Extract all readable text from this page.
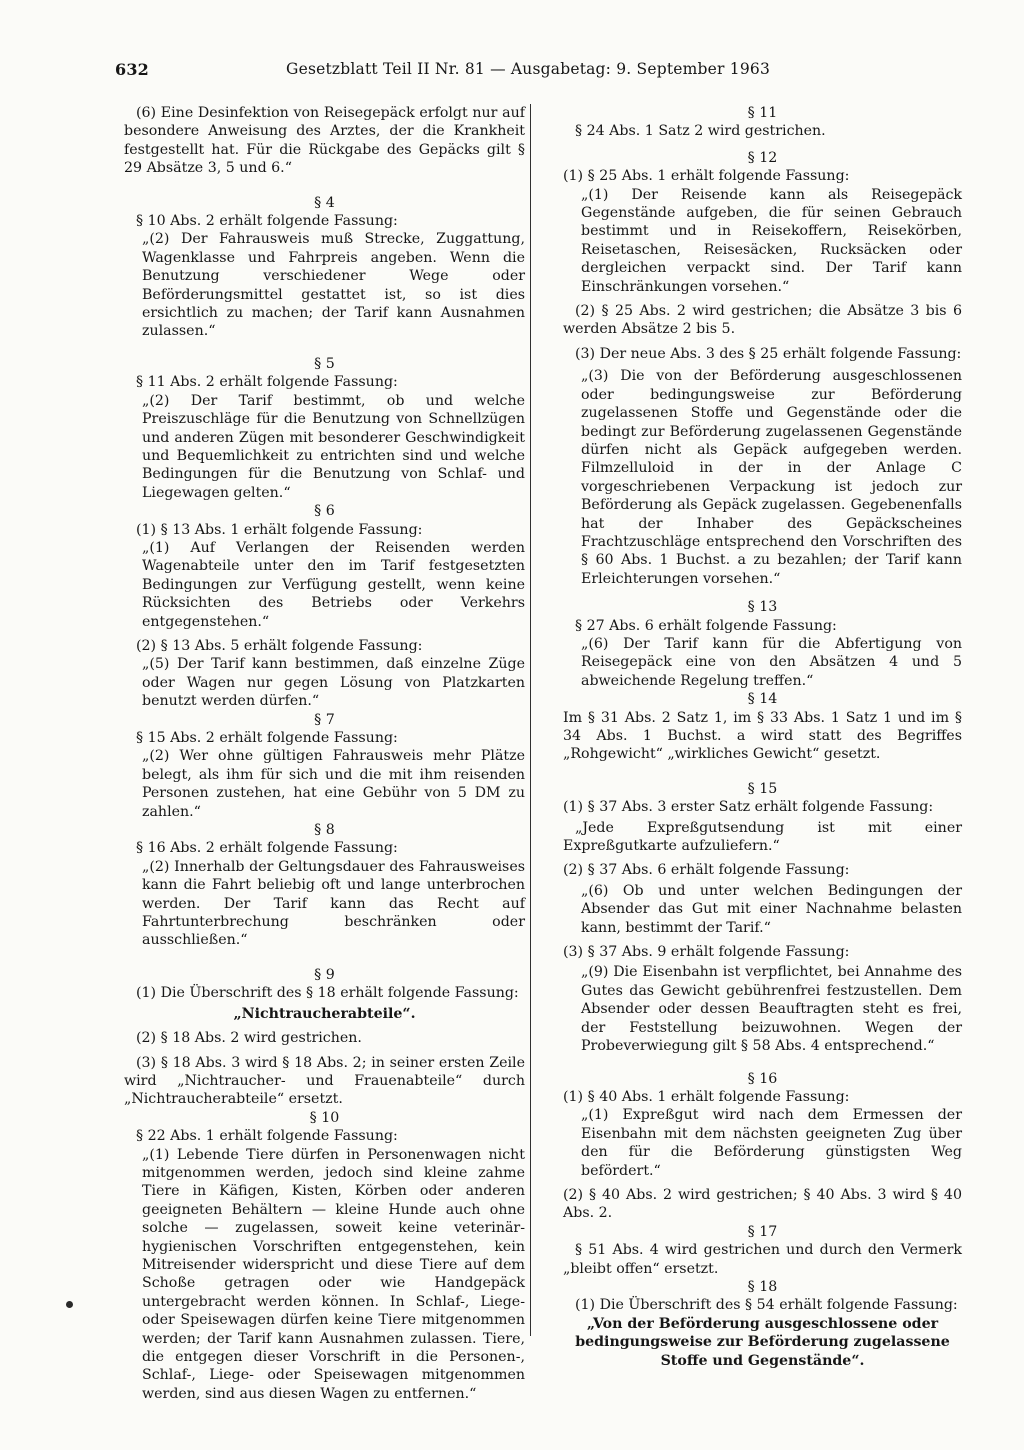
632	Gesetzblatt Teil II Nr. 81 — Ausgabetag: 9. September 1963

(6) Eine Desinfektion von Reisegepäck erfolgt nur auf besondere Anweisung des Arztes, der die Krankheit festgestellt hat. Für die Rückgabe des Gepäcks gilt § 29 Absätze 3, 5 und 6.“

§ 4

§ 10 Abs. 2 erhält folgende Fassung:

„(2) Der Fahrausweis muß Strecke, Zuggattung, Wagenklasse und Fahrpreis angeben. Wenn die Benutzung verschiedener Wege oder Beförderungsmittel gestattet ist, so ist dies ersichtlich zu machen; der Tarif kann Ausnahmen zulassen.“

§ 5

§ 11 Abs. 2 erhält folgende Fassung:

„(2) Der Tarif bestimmt, ob und welche Preiszuschläge für die Benutzung von Schnellzügen und anderen Zügen mit besonderer Geschwindigkeit und Bequemlichkeit zu entrichten sind und welche Bedingungen für die Benutzung von Schlaf- und Liegewagen gelten.“

§ 6

(1) § 13 Abs. 1 erhält folgende Fassung:

„(1) Auf Verlangen der Reisenden werden Wagenabteile unter den im Tarif festgesetzten Bedingungen zur Verfügung gestellt, wenn keine Rücksichten des Betriebs oder Verkehrs entgegenstehen.“

(2) § 13 Abs. 5 erhält folgende Fassung:

„(5) Der Tarif kann bestimmen, daß einzelne Züge oder Wagen nur gegen Lösung von Platzkarten benutzt werden dürfen.“

§ 7

§ 15 Abs. 2 erhält folgende Fassung:

„(2) Wer ohne gültigen Fahrausweis mehr Plätze belegt, als ihm für sich und die mit ihm reisenden Personen zustehen, hat eine Gebühr von 5 DM zu zahlen.“

§ 8

§ 16 Abs. 2 erhält folgende Fassung:

„(2) Innerhalb der Geltungsdauer des Fahrausweises kann die Fahrt beliebig oft und lange unterbrochen werden. Der Tarif kann das Recht auf Fahrtunterbrechung beschränken oder ausschließen.“

§ 9

(1) Die Überschrift des § 18 erhält folgende Fassung:

„Nichtraucherabteile“.

(2) § 18 Abs. 2 wird gestrichen.

(3) § 18 Abs. 3 wird § 18 Abs. 2; in seiner ersten Zeile wird „Nichtraucher- und Frauenabteile“ durch „Nichtraucherabteile“ ersetzt.

§ 10

§ 22 Abs. 1 erhält folgende Fassung:

„(1) Lebende Tiere dürfen in Personenwagen nicht mitgenommen werden, jedoch sind kleine zahme Tiere in Käfigen, Kisten, Körben oder anderen geeigneten Behältern — kleine Hunde auch ohne solche — zugelassen, soweit keine veterinär-hygienischen Vorschriften entgegenstehen, kein Mitreisender widerspricht und diese Tiere auf dem Schoße getragen oder wie Handgepäck untergebracht werden können. In Schlaf-, Liege- oder Speisewagen dürfen keine Tiere mitgenommen werden; der Tarif kann Ausnahmen zulassen. Tiere, die entgegen dieser Vorschrift in die Personen-, Schlaf-, Liege- oder Speisewagen mitgenommen werden, sind aus diesen Wagen zu entfernen.“

§ 11

§ 24 Abs. 1 Satz 2 wird gestrichen.

§ 12

(1) § 25 Abs. 1 erhält folgende Fassung:

„(1) Der Reisende kann als Reisegepäck Gegenstände aufgeben, die für seinen Gebrauch bestimmt und in Reisekoffern, Reisekörben, Reisetaschen, Reisesäcken, Rucksäcken oder dergleichen verpackt sind. Der Tarif kann Einschränkungen vorsehen.“

(2) § 25 Abs. 2 wird gestrichen; die Absätze 3 bis 6 werden Absätze 2 bis 5.

(3) Der neue Abs. 3 des § 25 erhält folgende Fassung:

„(3) Die von der Beförderung ausgeschlossenen oder bedingungsweise zur Beförderung zugelassenen Stoffe und Gegenstände oder die bedingt zur Beförderung zugelassenen Gegenstände dürfen nicht als Gepäck aufgegeben werden. Filmzelluloid in der in der Anlage C vorgeschriebenen Verpackung ist jedoch zur Beförderung als Gepäck zugelassen. Gegebenenfalls hat der Inhaber des Gepäckscheines Frachtzuschläge entsprechend den Vorschriften des § 60 Abs. 1 Buchst. a zu bezahlen; der Tarif kann Erleichterungen vorsehen.“

§ 13

§ 27 Abs. 6 erhält folgende Fassung:

„(6) Der Tarif kann für die Abfertigung von Reisegepäck eine von den Absätzen 4 und 5 abweichende Regelung treffen.“

§ 14

Im § 31 Abs. 2 Satz 1, im § 33 Abs. 1 Satz 1 und im § 34 Abs. 1 Buchst. a wird statt des Begriffes „Rohgewicht“ „wirkliches Gewicht“ gesetzt.

§ 15

(1) § 37 Abs. 3 erster Satz erhält folgende Fassung:

„Jede Expreßgutsendung ist mit einer Expreßgutkarte aufzuliefern.“

(2) § 37 Abs. 6 erhält folgende Fassung:

„(6) Ob und unter welchen Bedingungen der Absender das Gut mit einer Nachnahme belasten kann, bestimmt der Tarif.“

(3) § 37 Abs. 9 erhält folgende Fassung:

„(9) Die Eisenbahn ist verpflichtet, bei Annahme des Gutes das Gewicht gebührenfrei festzustellen. Dem Absender oder dessen Beauftragten steht es frei, der Feststellung beizuwohnen. Wegen der Probeverwiegung gilt § 58 Abs. 4 entsprechend.“

§ 16

(1) § 40 Abs. 1 erhält folgende Fassung:

„(1) Expreßgut wird nach dem Ermessen der Eisenbahn mit dem nächsten geeigneten Zug über den für die Beförderung günstigsten Weg befördert.“

(2) § 40 Abs. 2 wird gestrichen; § 40 Abs. 3 wird § 40 Abs. 2.

§ 17

§ 51 Abs. 4 wird gestrichen und durch den Vermerk „bleibt offen“ ersetzt.

§ 18

(1) Die Überschrift des § 54 erhält folgende Fassung:

„Von der Beförderung ausgeschlossene oder bedingungsweise zur Beförderung zugelassene Stoffe und Gegenstände“.
